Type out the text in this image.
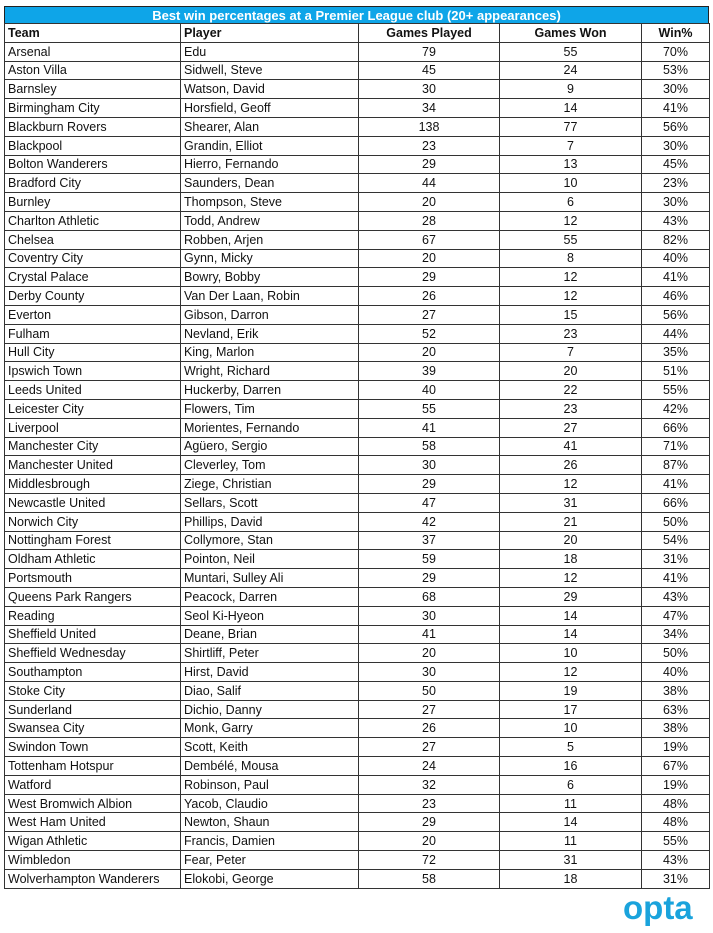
Best win percentages at a Premier League club (20+ appearances)
Team	Player	Games Played	Games Won	Win%
Arsenal	Edu	79	55	70%
Aston Villa	Sidwell, Steve	45	24	53%
Barnsley	Watson, David	30	9	30%
Birmingham City	Horsfield, Geoff	34	14	41%
Blackburn Rovers	Shearer, Alan	138	77	56%
Blackpool	Grandin, Elliot	23	7	30%
Bolton Wanderers	Hierro, Fernando	29	13	45%
Bradford City	Saunders, Dean	44	10	23%
Burnley	Thompson, Steve	20	6	30%
Charlton Athletic	Todd, Andrew	28	12	43%
Chelsea	Robben, Arjen	67	55	82%
Coventry City	Gynn, Micky	20	8	40%
Crystal Palace	Bowry, Bobby	29	12	41%
Derby County	Van Der Laan, Robin	26	12	46%
Everton	Gibson, Darron	27	15	56%
Fulham	Nevland, Erik	52	23	44%
Hull City	King, Marlon	20	7	35%
Ipswich Town	Wright, Richard	39	20	51%
Leeds United	Huckerby, Darren	40	22	55%
Leicester City	Flowers, Tim	55	23	42%
Liverpool	Morientes, Fernando	41	27	66%
Manchester City	Agüero, Sergio	58	41	71%
Manchester United	Cleverley, Tom	30	26	87%
Middlesbrough	Ziege, Christian	29	12	41%
Newcastle United	Sellars, Scott	47	31	66%
Norwich City	Phillips, David	42	21	50%
Nottingham Forest	Collymore, Stan	37	20	54%
Oldham Athletic	Pointon, Neil	59	18	31%
Portsmouth	Muntari, Sulley Ali	29	12	41%
Queens Park Rangers	Peacock, Darren	68	29	43%
Reading	Seol Ki-Hyeon	30	14	47%
Sheffield United	Deane, Brian	41	14	34%
Sheffield Wednesday	Shirtliff, Peter	20	10	50%
Southampton	Hirst, David	30	12	40%
Stoke City	Diao, Salif	50	19	38%
Sunderland	Dichio, Danny	27	17	63%
Swansea City	Monk, Garry	26	10	38%
Swindon Town	Scott, Keith	27	5	19%
Tottenham Hotspur	Dembélé, Mousa	24	16	67%
Watford	Robinson, Paul	32	6	19%
West Bromwich Albion	Yacob, Claudio	23	11	48%
West Ham United	Newton, Shaun	29	14	48%
Wigan Athletic	Francis, Damien	20	11	55%
Wimbledon	Fear, Peter	72	31	43%
Wolverhampton Wanderers	Elokobi, George	58	18	31%
opta
